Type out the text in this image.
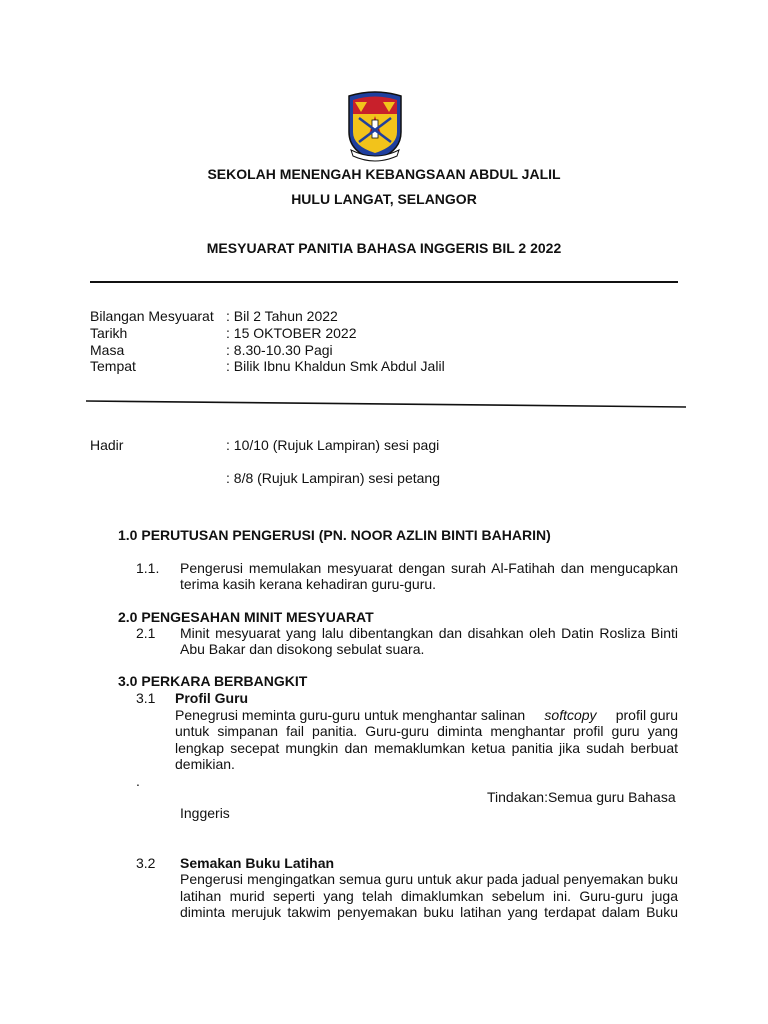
SEKOLAH MENENGAH KEBANGSAAN ABDUL JALIL
HULU LANGAT, SELANGOR
MESYUARAT PANITIA BAHASA INGGERIS BIL 2 2022
Bilangan Mesyuarat : Bil 2 Tahun 2022
Tarikh	: 15 OKTOBER 2022
Masa	: 8.30-10.30 Pagi
Tempat	: Bilik Ibnu Khaldun Smk Abdul Jalil
Hadir	: 10/10 (Rujuk Lampiran) sesi pagi
: 8/8 (Rujuk Lampiran) sesi petang
1.0 PERUTUSAN PENGERUSI (PN. NOOR AZLIN BINTI BAHARIN)
1.1. Pengerusi memulakan mesyuarat dengan surah Al-Fatihah dan mengucapkan
terima kasih kerana kehadiran guru-guru.
2.0 PENGESAHAN MINIT MESYUARAT
2.1 Minit mesyuarat yang lalu dibentangkan dan disahkan oleh Datin Rosliza Binti
Abu Bakar dan disokong sebulat suara.
3.0 PERKARA BERBANGKIT
3.1 Profil Guru
Penegrusi meminta guru-guru untuk menghantar salinan softcopy profil guru
untuk simpanan fail panitia. Guru-guru diminta menghantar profil guru yang
lengkap secepat mungkin dan memaklumkan ketua panitia jika sudah berbuat
demikian.
.
Tindakan:Semua guru Bahasa
Inggeris
3.2 Semakan Buku Latihan
Pengerusi mengingatkan semua guru untuk akur pada jadual penyemakan buku
latihan murid seperti yang telah dimaklumkan sebelum ini. Guru-guru juga
diminta merujuk takwim penyemakan buku latihan yang terdapat dalam Buku
